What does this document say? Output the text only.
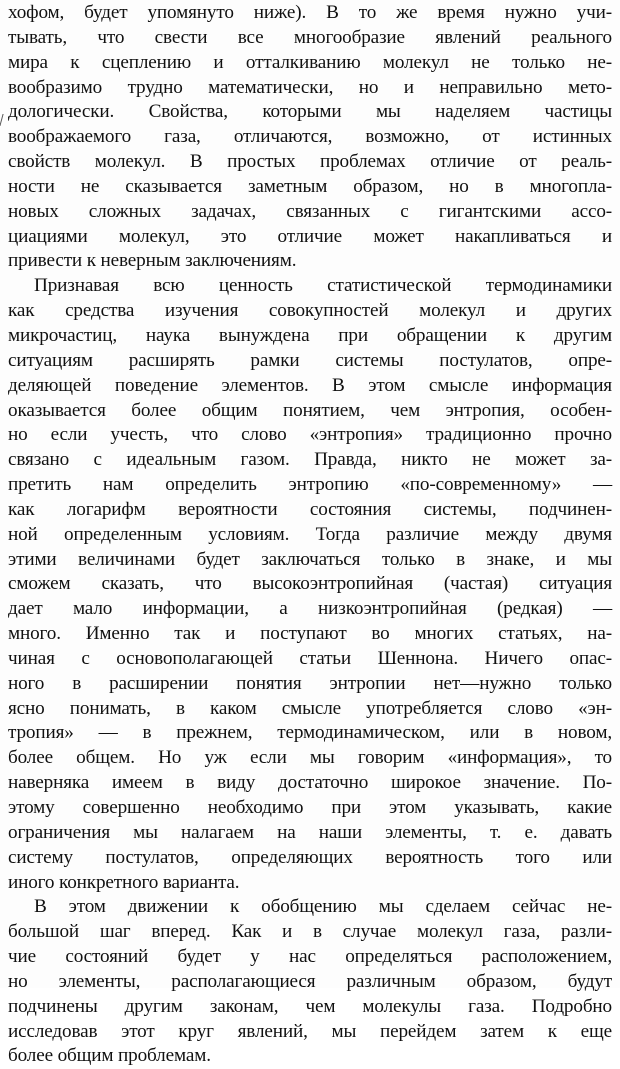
хофом, будет упомянуто ниже). В то же время нужно учи-
тывать, что свести все многообразие явлений реального
мира к сцеплению и отталкиванию молекул не только не-
вообразимо трудно математически, но и неправильно мето-
дологически. Свойства, которыми мы наделяем частицы
воображаемого газа, отличаются, возможно, от истинных
свойств молекул. В простых проблемах отличие от реаль-
ности не сказывается заметным образом, но в многопла-
новых сложных задачах, связанных с гигантскими ассо-
циациями молекул, это отличие может накапливаться и
привести к неверным заключениям.
Признавая всю ценность статистической термодинамики
как средства изучения совокупностей молекул и других
микрочастиц, наука вынуждена при обращении к другим
ситуациям расширять рамки системы постулатов, опре-
деляющей поведение элементов. В этом смысле информация
оказывается более общим понятием, чем энтропия, особен-
но если учесть, что слово «энтропия» традиционно прочно
связано с идеальным газом. Правда, никто не может за-
претить нам определить энтропию «по-современному» —
как логарифм вероятности состояния системы, подчинен-
ной определенным условиям. Тогда различие между двумя
этими величинами будет заключаться только в знаке, и мы
сможем сказать, что высокоэнтропийная (частая) ситуация
дает мало информации, а низкоэнтропийная (редкая) —
много. Именно так и поступают во многих статьях, на-
чиная с основополагающей статьи Шеннона. Ничего опас-
ного в расширении понятия энтропии нет—нужно только
ясно понимать, в каком смысле употребляется слово «эн-
тропия» — в прежнем, термодинамическом, или в новом,
более общем. Но уж если мы говорим «информация», то
наверняка имеем в виду достаточно широкое значение. По-
этому совершенно необходимо при этом указывать, какие
ограничения мы налагаем на наши элементы, т. е. давать
систему постулатов, определяющих вероятность того или
иного конкретного варианта.
В этом движении к обобщению мы сделаем сейчас не-
большой шаг вперед. Как и в случае молекул газа, разли-
чие состояний будет у нас определяться расположением,
но элементы, располагающиеся различным образом, будут
подчинены другим законам, чем молекулы газа. Подробно
исследовав этот круг явлений, мы перейдем затем к еще
более общим проблемам.
